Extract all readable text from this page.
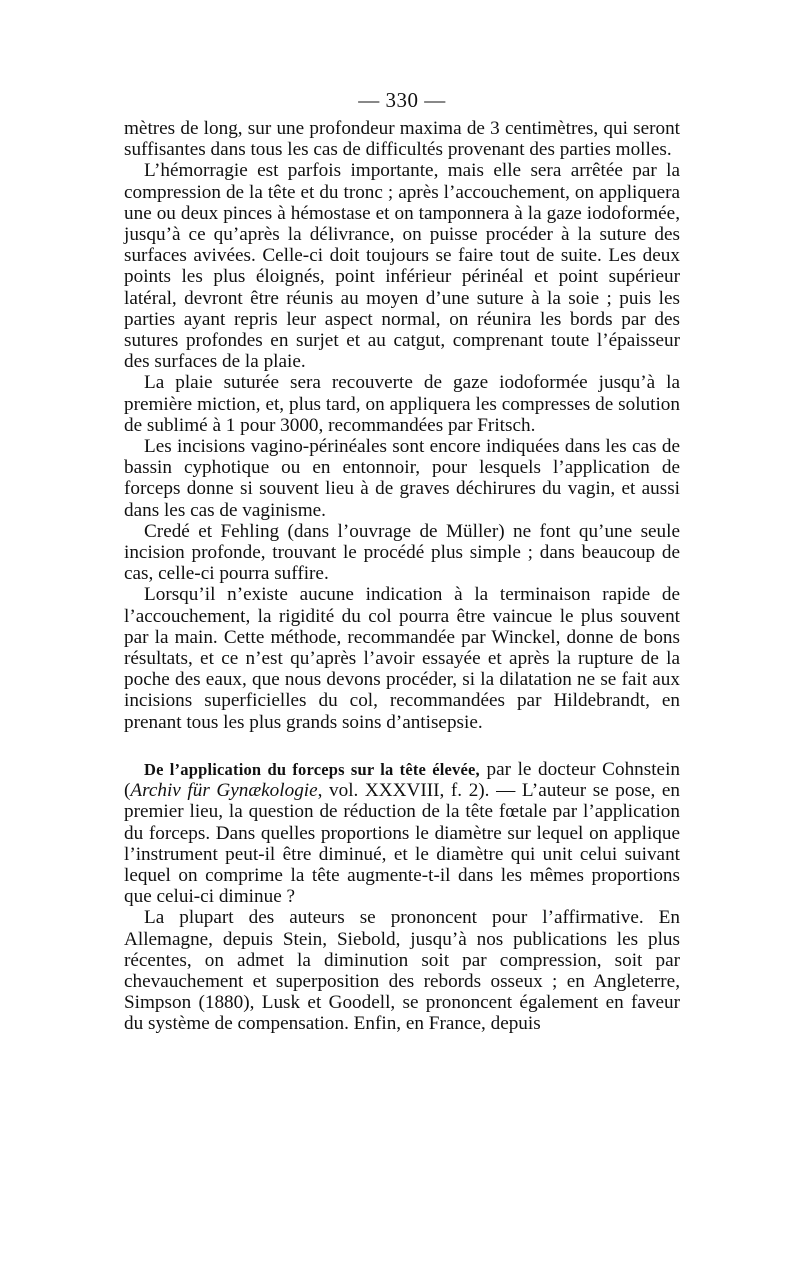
— 330 —

mètres de long, sur une profondeur maxima de 3 centimètres, qui seront suffisantes dans tous les cas de difficultés provenant des parties molles.

L’hémorragie est parfois importante, mais elle sera arrêtée par la compression de la tête et du tronc ; après l’accouchement, on appliquera une ou deux pinces à hémostase et on tamponnera à la gaze iodoformée, jusqu’à ce qu’après la délivrance, on puisse procéder à la suture des surfaces avivées. Celle-ci doit toujours se faire tout de suite. Les deux points les plus éloignés, point inférieur périnéal et point supérieur latéral, devront être réunis au moyen d’une suture à la soie ; puis les parties ayant repris leur aspect normal, on réunira les bords par des sutures profondes en surjet et au catgut, comprenant toute l’épaisseur des surfaces de la plaie.

La plaie suturée sera recouverte de gaze iodoformée jusqu’à la première miction, et, plus tard, on appliquera les compresses de solution de sublimé à 1 pour 3000, recommandées par Fritsch.

Les incisions vagino-périnéales sont encore indiquées dans les cas de bassin cyphotique ou en entonnoir, pour lesquels l’application de forceps donne si souvent lieu à de graves déchirures du vagin, et aussi dans les cas de vaginisme.

Credé et Fehling (dans l’ouvrage de Müller) ne font qu’une seule incision profonde, trouvant le procédé plus simple ; dans beaucoup de cas, celle-ci pourra suffire.

Lorsqu’il n’existe aucune indication à la terminaison rapide de l’accouchement, la rigidité du col pourra être vaincue le plus souvent par la main. Cette méthode, recommandée par Winckel, donne de bons résultats, et ce n’est qu’après l’avoir essayée et après la rupture de la poche des eaux, que nous devons procéder, si la dilatation ne se fait aux incisions superficielles du col, recommandées par Hildebrandt, en prenant tous les plus grands soins d’antisepsie.

De l’application du forceps sur la tête élevée, par le docteur Cohnstein (Archiv für Gynækologie, vol. XXXVIII, f. 2). — L’auteur se pose, en premier lieu, la question de réduction de la tête fœtale par l’application du forceps. Dans quelles proportions le diamètre sur lequel on applique l’instrument peut-il être diminué, et le diamètre qui unit celui suivant lequel on comprime la tête augmente-t-il dans les mêmes proportions que celui-ci diminue ?

La plupart des auteurs se prononcent pour l’affirmative. En Allemagne, depuis Stein, Siebold, jusqu’à nos publications les plus récentes, on admet la diminution soit par compression, soit par chevauchement et superposition des rebords osseux ; en Angleterre, Simpson (1880), Lusk et Goodell, se prononcent également en faveur du système de compensation. Enfin, en France, depuis
